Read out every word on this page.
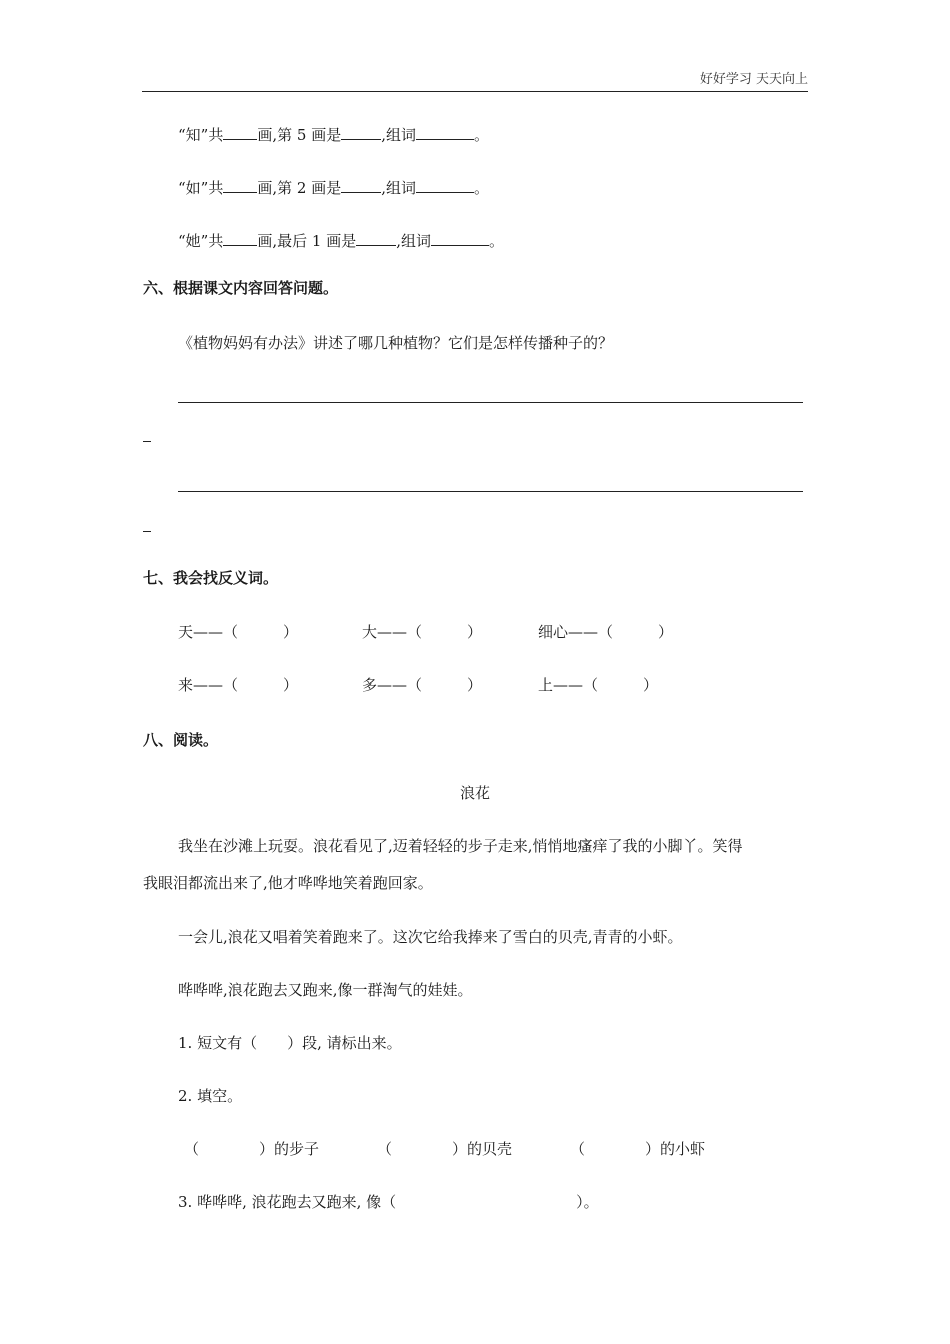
好好学习 天天向上
“知”共 画,第 5 画是	,组词	。
“如”共 画,第 2 画是	,组词	。
“她”共 画,最后 1 画是	,组词	。
六、根据课文内容回答问题。
《植物妈妈有办法》讲述了哪几种植物？它们是怎样传播种子的？
七、我会找反义词。
天——（　　　）	大——（　　　）	细心——（　　　）
来——（　　　）	多——（　　　）	上——（　　　）
八、阅读。
浪花
我坐在沙滩上玩耍。浪花看见了,迈着轻轻的步子走来,悄悄地瘙痒了我的小脚丫。笑得
我眼泪都流出来了,他才哗哗地笑着跑回家。
一会儿,浪花又唱着笑着跑来了。这次它给我捧来了雪白的贝壳,青青的小虾。
哗哗哗,浪花跑去又跑来,像一群淘气的娃娃。
1. 短文有（　　）段, 请标出来。
2. 填空。
（　　　　）的步子	（　　　　）的贝壳	（　　　　）的小虾
3. 哗哗哗, 浪花跑去又跑来, 像（　　　　　　　　　　　　）。
